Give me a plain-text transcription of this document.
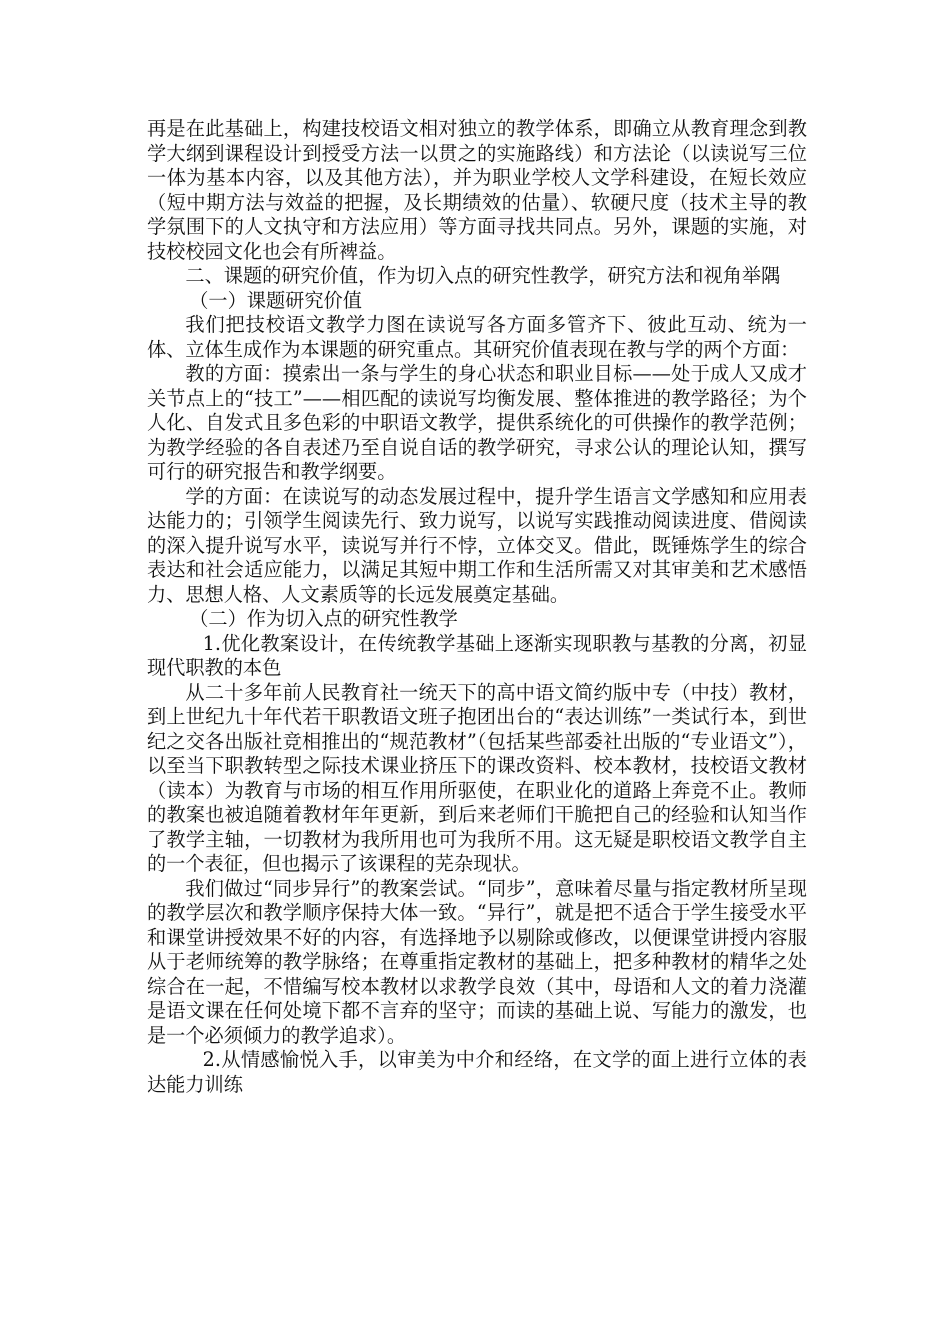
再是在此基础上，构建技校语文相对独立的教学体系，即确立从教育理念到教学大纲到课程设计到授受方法一以贯之的实施路线）和方法论（以读说写三位一体为基本内容，以及其他方法），并为职业学校人文学科建设，在短长效应（短中期方法与效益的把握，及长期绩效的估量）、软硬尺度（技术主导的教学氛围下的人文执守和方法应用）等方面寻找共同点。另外，课题的实施，对技校校园文化也会有所裨益。

二、课题的研究价值，作为切入点的研究性教学，研究方法和视角举隅

（一）课题研究价值

我们把技校语文教学力图在读说写各方面多管齐下、彼此互动、统为一体、立体生成作为本课题的研究重点。其研究价值表现在教与学的两个方面：

教的方面：摸索出一条与学生的身心状态和职业目标——处于成人又成才关节点上的“技工”——相匹配的读说写均衡发展、整体推进的教学路径；为个人化、自发式且多色彩的中职语文教学，提供系统化的可供操作的教学范例；为教学经验的各自表述乃至自说自话的教学研究，寻求公认的理论认知，撰写可行的研究报告和教学纲要。

学的方面：在读说写的动态发展过程中，提升学生语言文学感知和应用表达能力的；引领学生阅读先行、致力说写，以说写实践推动阅读进度、借阅读的深入提升说写水平，读说写并行不悖，立体交叉。借此，既锤炼学生的综合表达和社会适应能力，以满足其短中期工作和生活所需又对其审美和艺术感悟力、思想人格、人文素质等的长远发展奠定基础。

（二）作为切入点的研究性教学

1.优化教案设计，在传统教学基础上逐渐实现职教与基教的分离，初显现代职教的本色

从二十多年前人民教育社一统天下的高中语文简约版中专（中技）教材，到上世纪九十年代若干职教语文班子抱团出台的“表达训练”一类试行本，到世纪之交各出版社竞相推出的“规范教材”（包括某些部委社出版的“专业语文”），以至当下职教转型之际技术课业挤压下的课改资料、校本教材，技校语文教材（读本）为教育与市场的相互作用所驱使，在职业化的道路上奔竞不止。教师的教案也被追随着教材年年更新，到后来老师们干脆把自己的经验和认知当作了教学主轴，一切教材为我所用也可为我所不用。这无疑是职校语文教学自主的一个表征，但也揭示了该课程的芜杂现状。

我们做过“同步异行”的教案尝试。“同步”，意味着尽量与指定教材所呈现的教学层次和教学顺序保持大体一致。“异行”，就是把不适合于学生接受水平和课堂讲授效果不好的内容，有选择地予以剔除或修改，以便课堂讲授内容服从于老师统筹的教学脉络；在尊重指定教材的基础上，把多种教材的精华之处综合在一起，不惜编写校本教材以求教学良效（其中，母语和人文的着力浇灌是语文课在任何处境下都不言弃的坚守；而读的基础上说、写能力的激发，也是一个必须倾力的教学追求）。

2.从情感愉悦入手，以审美为中介和经络，在文学的面上进行立体的表达能力训练
